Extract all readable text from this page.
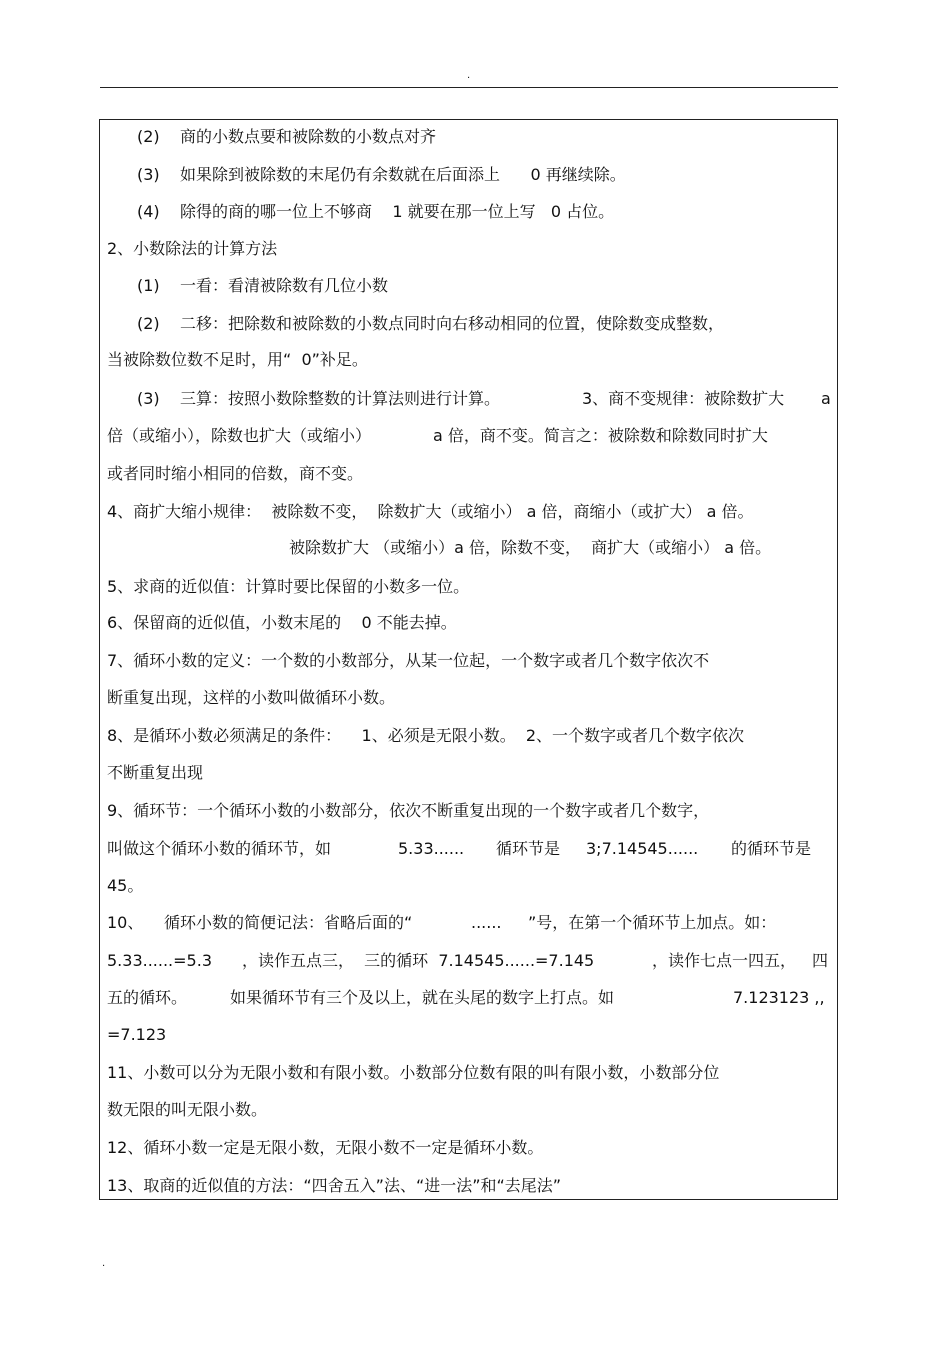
.
(2)    商的小数点要和被除数的小数点对齐
(3)    如果除到被除数的末尾仍有余数就在后面添上      0 再继续除。
(4)    除得的商的哪一位上不够商    1 就要在那一位上写   0 占位。
2、小数除法的计算方法
(1)    一看：看清被除数有几位小数
(2)    二移：把除数和被除数的小数点同时向右移动相同的位置，使除数变成整数，
当被除数位数不足时，用“  0”补足。
(3)    三算：按照小数除整数的计算法则进行计算。	3、商不变规律：被除数扩大 a
倍（或缩小），除数也扩大（或缩小）	a 倍，商不变。简言之：被除数和除数同时扩大
或者同时缩小相同的倍数，商不变。
4、商扩大缩小规律：  被除数不变，  除数扩大（或缩小） a 倍，商缩小（或扩大） a 倍。
被除数扩大 （或缩小）a 倍，除数不变，  商扩大（或缩小） a 倍。
5、求商的近似值：计算时要比保留的小数多一位。
6、保留商的近似值，小数末尾的    0 不能去掉。
7、循环小数的定义：一个数的小数部分，从某一位起，一个数字或者几个数字依次不
断重复出现，这样的小数叫做循环小数。
8、是循环小数必须满足的条件：    1、必须是无限小数。  2、一个数字或者几个数字依次
不断重复出现
9、循环节：一个循环小数的小数部分，依次不断重复出现的一个数字或者几个数字，
叫做这个循环小数的循环节，如	5.33...... 循环节是 3;7.14545...... 的循环节是
45。
10、 循环小数的简便记法：省略后面的“	...... ”号，在第一个循环节上加点。如：
5.33......=5.3 ，读作五点三，  三的循环  7.14545......=7.145	，读作七点一四五， 四
五的循环。	如果循环节有三个及以上，就在头尾的数字上打点。如	7.123123 ,,
=7.123
11、小数可以分为无限小数和有限小数。小数部分位数有限的叫有限小数，小数部分位
数无限的叫无限小数。
12、循环小数一定是无限小数，无限小数不一定是循环小数。
13、取商的近似值的方法：“四舍五入”法、“进一法”和“去尾法”
.
